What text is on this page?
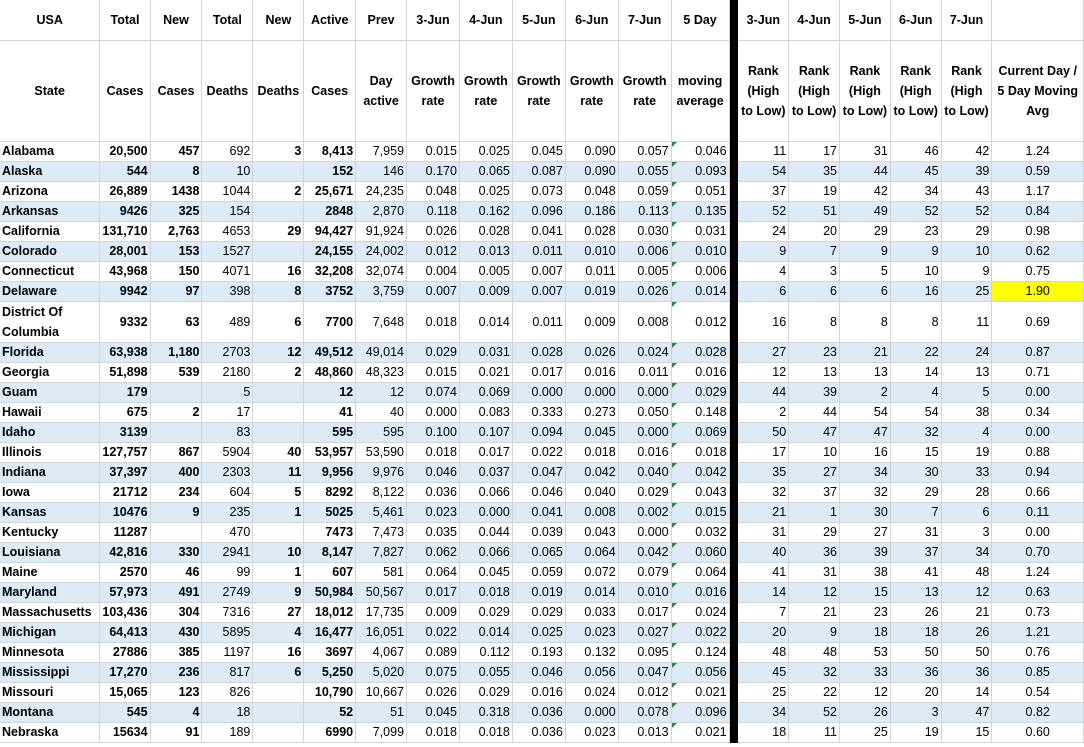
USA	Total	New	Total	New	Active	Prev	3-Jun	4-Jun	5-Jun	6-Jun	7-Jun	5 Day		3-Jun	4-Jun	5-Jun	6-Jun	7-Jun	
State	Cases	Cases	Deaths	Deaths	Cases	Day active	Growth rate	Growth rate	Growth rate	Growth rate	Growth rate	moving average		Rank (High to Low)	Rank (High to Low)	Rank (High to Low)	Rank (High to Low)	Rank (High to Low)	Current Day / 5 Day Moving Avg
Alabama	20,500	457	692	3	8,413	7,959	0.015	0.025	0.045	0.090	0.057	0.046		11	17	31	46	42	1.24
Alaska	544	8	10		152	146	0.170	0.065	0.087	0.090	0.055	0.093		54	35	44	45	39	0.59
Arizona	26,889	1438	1044	2	25,671	24,235	0.048	0.025	0.073	0.048	0.059	0.051		37	19	42	34	43	1.17
Arkansas	9426	325	154		2848	2,870	0.118	0.162	0.096	0.186	0.113	0.135		52	51	49	52	52	0.84
California	131,710	2,763	4653	29	94,427	91,924	0.026	0.028	0.041	0.028	0.030	0.031		24	20	29	23	29	0.98
Colorado	28,001	153	1527		24,155	24,002	0.012	0.013	0.011	0.010	0.006	0.010		9	7	9	9	10	0.62
Connecticut	43,968	150	4071	16	32,208	32,074	0.004	0.005	0.007	0.011	0.005	0.006		4	3	5	10	9	0.75
Delaware	9942	97	398	8	3752	3,759	0.007	0.009	0.007	0.019	0.026	0.014		6	6	6	16	25	1.90
District Of Columbia	9332	63	489	6	7700	7,648	0.018	0.014	0.011	0.009	0.008	0.012		16	8	8	8	11	0.69
Florida	63,938	1,180	2703	12	49,512	49,014	0.029	0.031	0.028	0.026	0.024	0.028		27	23	21	22	24	0.87
Georgia	51,898	539	2180	2	48,860	48,323	0.015	0.021	0.017	0.016	0.011	0.016		12	13	13	14	13	0.71
Guam	179		5		12	12	0.074	0.069	0.000	0.000	0.000	0.029		44	39	2	4	5	0.00
Hawaii	675	2	17		41	40	0.000	0.083	0.333	0.273	0.050	0.148		2	44	54	54	38	0.34
Idaho	3139		83		595	595	0.100	0.107	0.094	0.045	0.000	0.069		50	47	47	32	4	0.00
Illinois	127,757	867	5904	40	53,957	53,590	0.018	0.017	0.022	0.018	0.016	0.018		17	10	16	15	19	0.88
Indiana	37,397	400	2303	11	9,956	9,976	0.046	0.037	0.047	0.042	0.040	0.042		35	27	34	30	33	0.94
Iowa	21712	234	604	5	8292	8,122	0.036	0.066	0.046	0.040	0.029	0.043		32	37	32	29	28	0.66
Kansas	10476	9	235	1	5025	5,461	0.023	0.000	0.041	0.008	0.002	0.015		21	1	30	7	6	0.11
Kentucky	11287		470		7473	7,473	0.035	0.044	0.039	0.043	0.000	0.032		31	29	27	31	3	0.00
Louisiana	42,816	330	2941	10	8,147	7,827	0.062	0.066	0.065	0.064	0.042	0.060		40	36	39	37	34	0.70
Maine	2570	46	99	1	607	581	0.064	0.045	0.059	0.072	0.079	0.064		41	31	38	41	48	1.24
Maryland	57,973	491	2749	9	50,984	50,567	0.017	0.018	0.019	0.014	0.010	0.016		14	12	15	13	12	0.63
Massachusetts	103,436	304	7316	27	18,012	17,735	0.009	0.029	0.029	0.033	0.017	0.024		7	21	23	26	21	0.73
Michigan	64,413	430	5895	4	16,477	16,051	0.022	0.014	0.025	0.023	0.027	0.022		20	9	18	18	26	1.21
Minnesota	27886	385	1197	16	3697	4,067	0.089	0.112	0.193	0.132	0.095	0.124		48	48	53	50	50	0.76
Mississippi	17,270	236	817	6	5,250	5,020	0.075	0.055	0.046	0.056	0.047	0.056		45	32	33	36	36	0.85
Missouri	15,065	123	826		10,790	10,667	0.026	0.029	0.016	0.024	0.012	0.021		25	22	12	20	14	0.54
Montana	545	4	18		52	51	0.045	0.318	0.036	0.000	0.078	0.096		34	52	26	3	47	0.82
Nebraska	15634	91	189		6990	7,099	0.018	0.018	0.036	0.023	0.013	0.021		18	11	25	19	15	0.60
